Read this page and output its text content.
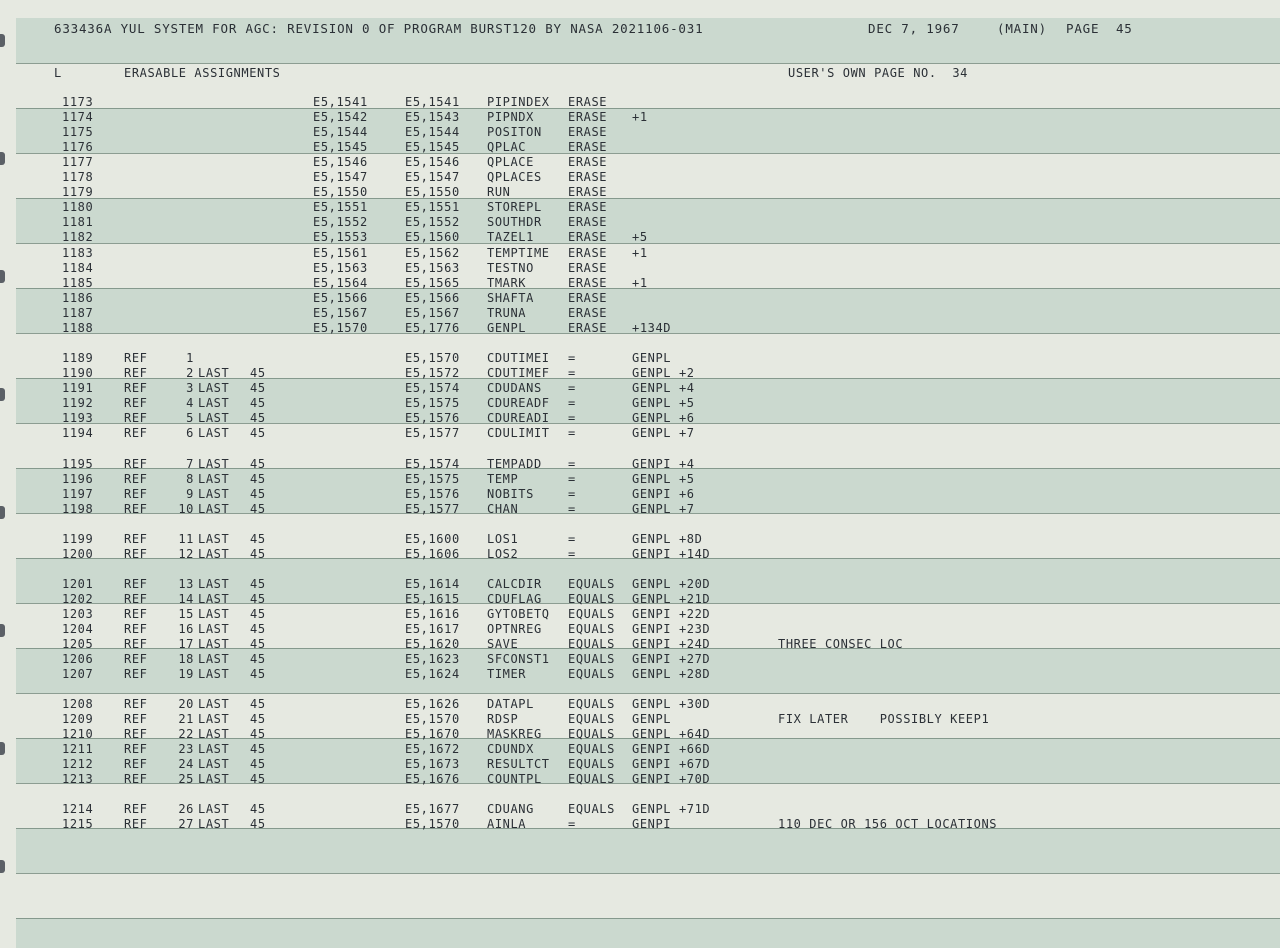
633436A YUL SYSTEM FOR AGC: REVISION 0 OF PROGRAM BURST120 BY NASA 2021106-031	DEC 7, 1967	(MAIN) PAGE  45
L	ERASABLE ASSIGNMENTS	USER'S OWN PAGE NO.  34
1173	E5,1541	E5,1541 PIPINDEX ERASE
1174	E5,1542	E5,1543 PIPNDX	ERASE +1
1175	E5,1544	E5,1544 POSITON ERASE
1176	E5,1545	E5,1545 QPLAC	ERASE
1177	E5,1546	E5,1546 QPLACE	ERASE
1178	E5,1547	E5,1547 QPLACES ERASE
1179	E5,1550	E5,1550 RUN	ERASE
1180	E5,1551	E5,1551 STOREPL ERASE
1181	E5,1552	E5,1552 SOUTHDR ERASE
1182	E5,1553	E5,1560 TAZEL1	ERASE +5
1183	E5,1561	E5,1562 TEMPTIME ERASE +1
1184	E5,1563	E5,1563 TESTNO	ERASE
1185	E5,1564	E5,1565 TMARK	ERASE +1
1186	E5,1566	E5,1566 SHAFTA	ERASE
1187	E5,1567	E5,1567 TRUNA	ERASE
1188	E5,1570	E5,1776 GENPL	ERASE +134D
1189	REF	1	E5,1570 CDUTIMEI =	GENPL
1190	REF	2 LAST 45	E5,1572 CDUTIMEF =	GENPL +2
1191	REF	3 LAST 45	E5,1574 CDUDANS =	GENPL +4
1192	REF	4 LAST 45	E5,1575 CDUREADF =	GENPL +5
1193	REF	5 LAST 45	E5,1576 CDUREADI =	GENPL +6
1194	REF	6 LAST 45	E5,1577 CDULIMIT =	GENPL +7
1195	REF	7 LAST 45	E5,1574 TEMPADD =	GENPI +4
1196	REF	8 LAST 45	E5,1575 TEMP	=	GENPL +5
1197	REF	9 LAST 45	E5,1576 NOBITS	=	GENPI +6
1198	REF	10 LAST 45	E5,1577 CHAN	=	GENPL +7
1199	REF	11 LAST 45	E5,1600 LOS1	=	GENPL +8D
1200	REF	12 LAST 45	E5,1606 LOS2	=	GENPI +14D
1201	REF	13 LAST 45	E5,1614 CALCDIR EQUALS GENPL +20D
1202	REF	14 LAST 45	E5,1615 CDUFLAG EQUALS GENPL +21D
1203	REF	15 LAST 45	E5,1616 GYTOBETQ EQUALS GENPI +22D
1204	REF	16 LAST 45	E5,1617 OPTNREG EQUALS GENPI +23D
1205	REF	17 LAST 45	E5,1620 SAVE	EQUALS GENPI +24D	THREE CONSEC LOC
1206	REF	18 LAST 45	E5,1623 SFCONST1 EQUALS GENPI +27D
1207	REF	19 LAST 45	E5,1624 TIMER	EQUALS GENPL +28D
1208	REF	20 LAST 45	E5,1626 DATAPL	EQUALS GENPL +30D
1209	REF	21 LAST 45	E5,1570 RDSP	EQUALS GENPL	FIX LATER    POSSIBLY KEEP1
1210	REF	22 LAST 45	E5,1670 MASKREG EQUALS GENPL +64D
1211	REF	23 LAST 45	E5,1672 CDUNDX	EQUALS GENPI +66D
1212	REF	24 LAST 45	E5,1673 RESULTCT EQUALS GENPI +67D
1213	REF	25 LAST 45	E5,1676 COUNTPL EQUALS GENPI +70D
1214	REF	26 LAST 45	E5,1677 CDUANG	EQUALS GENPL +71D
1215	REF	27 LAST 45	E5,1570 AINLA	=	GENPI	110 DEC OR 156 OCT LOCATIONS
